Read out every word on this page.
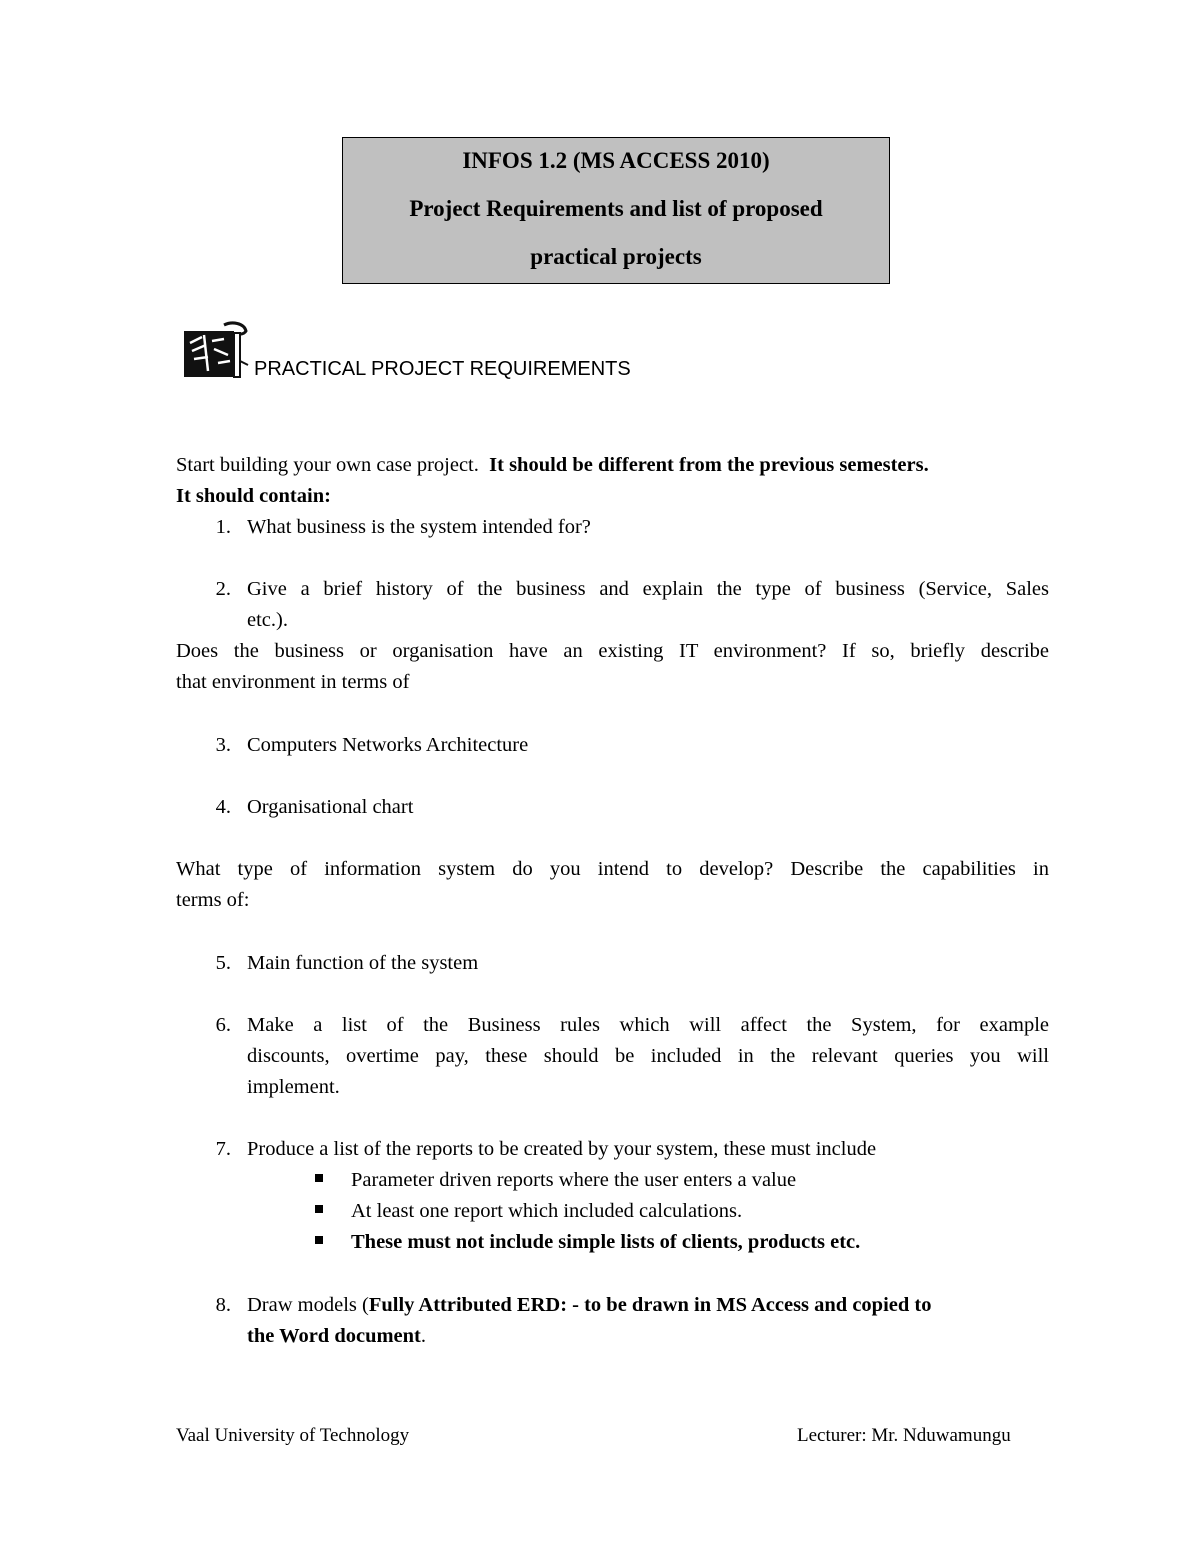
INFOS 1.2 (MS ACCESS 2010)
Project Requirements and list of proposed
practical projects
PRACTICAL PROJECT REQUIREMENTS
Start building your own case project. It should be different from the previous semesters.
It should contain:
1. What business is the system intended for?
2. Give a brief history of the business and explain the type of business (Service, Sales
etc.).
Does the business or organisation have an existing IT environment? If so, briefly describe
that environment in terms of
3. Computers Networks Architecture
4. Organisational chart
What type of information system do you intend to develop? Describe the capabilities in
terms of:
5. Main function of the system
6. Make a list of the Business rules which will affect the System, for example
discounts, overtime pay, these should be included in the relevant queries you will
implement.
7. Produce a list of the reports to be created by your system, these must include
Parameter driven reports where the user enters a value
At least one report which included calculations.
These must not include simple lists of clients, products etc.
8. Draw models (Fully Attributed ERD: - to be drawn in MS Access and copied to
the Word document.
Vaal University of Technology	Lecturer: Mr. Nduwamungu
